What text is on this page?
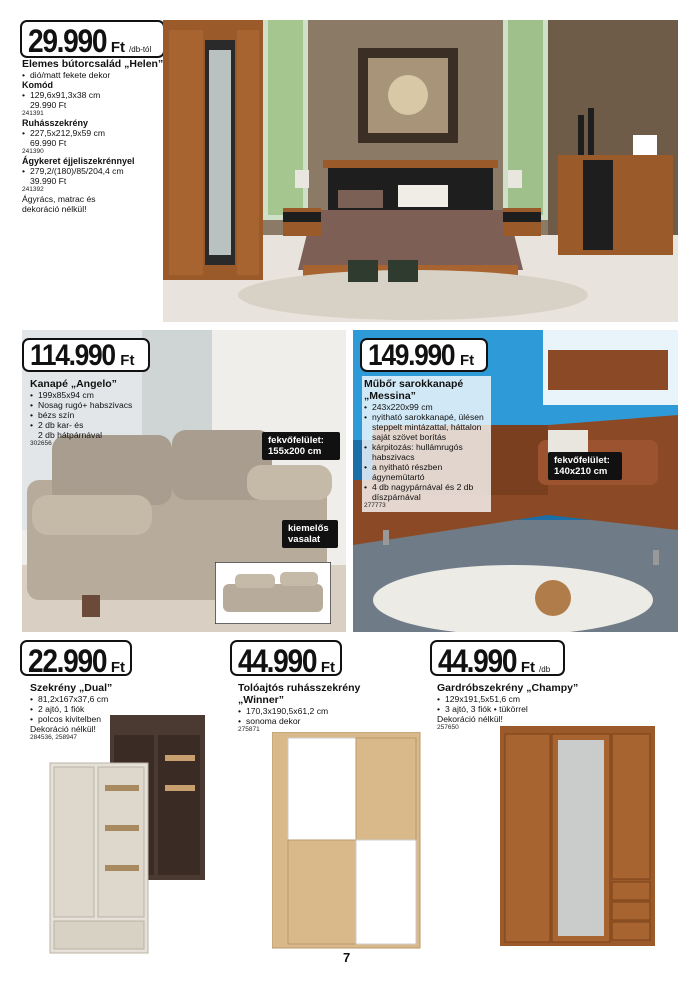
Elemes bútorcsalád „Helen”

• dió/matt fekete dekor
Komód
• 129,6x91,3x38 cm
29.990 Ft
241391
Ruhásszekrény
• 227,5x212,9x59 cm
69.990 Ft
241390
Ágykeret éjjeliszekrénnyel
• 279,2/(180)/85/204,4 cm
39.990 Ft
241392
Ágyrács, matrac és dekoráció nélkül!
29.990 Ft /db-tól
114.990 Ft

Kanapé „Angelo”

• 199x85x94 cm
• Nosag rugó+ habszivacs
• bézs szín
• 2 db kar- és
2 db hátpárnával
302656	fekvőfelület: 155x200 cm
kiemelős vasalat
149.990 Ft

Műbőr sarokkanapé

„Messina”

• 243x220x99 cm
• nyitható sarokkanapé, ülésen steppelt mintázattal, háttalon saját szövet borítás
• kárpitozás: hullámrugós habszivacs
• a nyitható részben ágynemütartó
• 4 db nagypárnával és 2 db díszpárnával
277773
fekvőfelület: 140x210 cm
22.990 Ft

Szekrény „Dual”

• 81,2x167x37,6 cm
• 2 ajtó, 1 fiók
• polcos kivitelben
Dekoráció nélkül!
284536, 258947
44.990 Ft

Tolóajtós ruhásszekrény

„Winner”

• 170,3x190,5x61,2 cm
• sonoma dekor
275871
44.990 Ft /db

Gardróbszekrény „Champy”

• 129x191,5x51,6 cm
• 3 ajtó, 3 fiók • tükörrel
Dekoráció nélkül!
257650
7
